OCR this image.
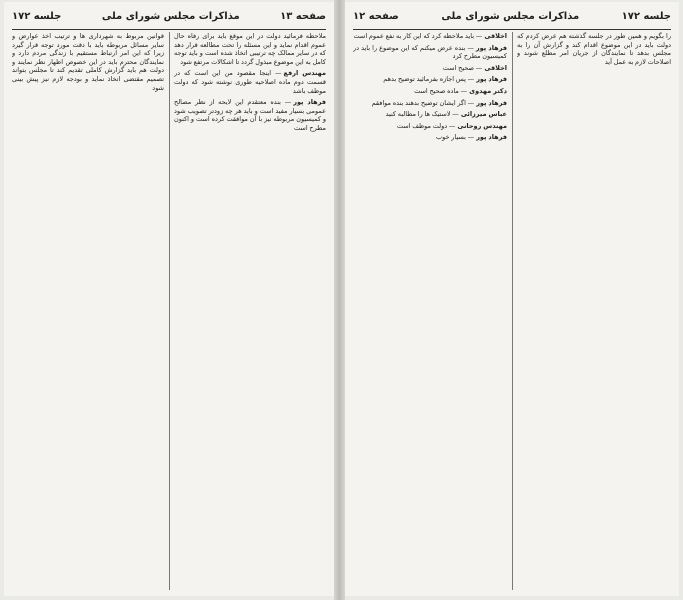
صفحه ۱۳
مذاکرات مجلس شورای ملی
جلسه ۱۷۲

ملاحظه فرمائید دولت در این موقع باید برای رفاه حال عموم اقدام نماید و این مسئله را تحت مطالعه قرار دهد که در سایر ممالک چه ترتیبی اتخاذ شده است و باید توجه کامل به این موضوع مبذول گردد تا اشکالات مرتفع شود

مهندس ارفع— اینجا مقصود من این است که در قسمت دوم ماده اصلاحیه طوری نوشته شود که دولت موظف باشد

فرهاد پور— بنده معتقدم این لایحه از نظر مصالح عمومی بسیار مفید است و باید هر چه زودتر تصویب شود و کمیسیون مربوطه نیز با آن موافقت کرده است و اکنون مطرح است

قوانین مربوط به شهرداری ها و ترتیب اخذ عوارض و سایر مسائل مربوطه باید با دقت مورد توجه قرار گیرد زیرا که این امر ارتباط مستقیم با زندگی مردم دارد و نمایندگان محترم باید در این خصوص اظهار نظر نمایند و دولت هم باید گزارش کاملی تقدیم کند تا مجلس بتواند تصمیم مقتضی اتخاذ نماید و بودجه لازم نیز پیش بینی شود

جلسه ۱۷۲
مذاکرات مجلس شورای ملی
صفحه ۱۲

را بگویم و همین طور در جلسه گذشته هم عرض کردم که دولت باید در این موضوع اقدام کند و گزارش آن را به مجلس بدهد تا نمایندگان از جریان امر مطلع شوند و اصلاحات لازم به عمل آید

اخلاقی— باید ملاحظه کرد که این کار به نفع عموم است

فرهاد پور— بنده عرض میکنم که این موضوع را باید در کمیسیون مطرح کرد

اخلاقی— صحیح است

فرهاد پور— پس اجازه بفرمائید توضیح بدهم

دکتر مهدوی— ماده صحیح است

فرهاد پور— اگر ایشان توضیح بدهند بنده موافقم

عباس میرزائی— لاستیک ها را مطالبه کنید

مهندس روحانی— دولت موظف است

فرهاد پور— بسیار خوب
